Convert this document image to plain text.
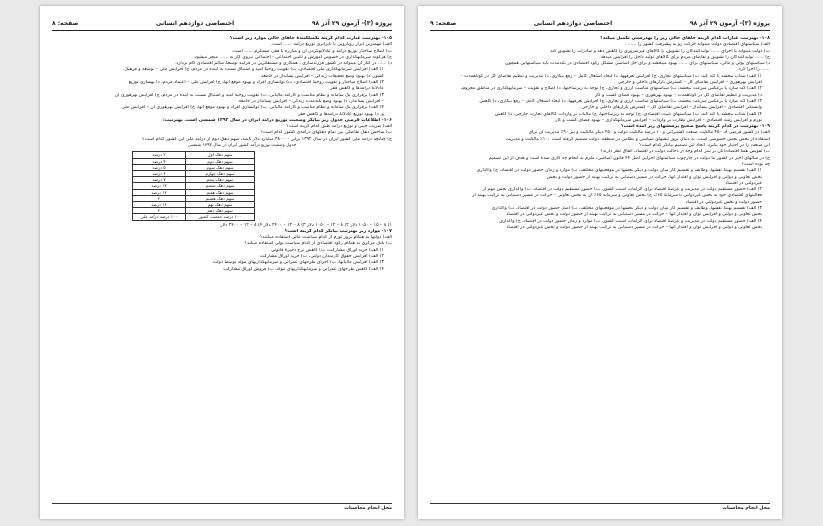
پروژه (۳)- آزمون ۲۹ آذر ۹۸
اختصاصی دوازدهم انسانی
صفحه: ۸
۱۰۵- بهترتیب عبارت کدام گزینه تکمیلکنندهٔ جاهای خالی موارد زیر است؟
الف) مهمترین ابزار رویارویی با نابرابری توزیع درآمد ...... است.
ب) اصلاح ساختار توزیع درآمد و عادلانهکردن آن و مبارزه با فقر، مستلزم ...... است.
ج) هرگونه سرمایهگذاری در خصوص آموزش و تأمین اجتماعی - اجتماعی نیروی کار به ...... منجر میشود.
د) ...... در کنار آن میتواند در کشور فرزندسازی ، همکاری و مستقلترین در فرایند توسعهٔ سالم اقتصادی گام بردارد.
۱) الف) افزایش سرمایهگذاری ملی اقتصادی، ب) تقویت روحیهٔ امید و اشتیاق نسبت به آینده در مردم، ج) افزایش ملی – توسعه و فرهنگ
کشور، د) بهبود وضع تحقیقات زندگی – افزایش پسانداز در جامعه
۲) الف) اصلاح ساختار و تقویت روحیهٔ اقتصادی، ب) توانسازی افراد و بهبود موقع آنها، ج) افزایش ملی – اعتماد مردم، د) بهسازی توزیع
عادلانهٔ درآمدها و کاهش فقر
۳) الف) برقراری یک سامانه و نظام مناسب و کارآمد مالیاتی، ب) تقویت روحیهٔ امید و اشتیاق نسبت به آینده در مردم، ج) افزایش بهرهوری آن
– افزایش پسانداز، د) بهبود وضع بلندمدت زندگی – افزایش پسانداز در جامعه
۴) الف) برقراری یک سامانه و نظام مناسب و کارآمد مالیاتی، ب) توانسازی افراد و بهبود موقع آنها، ج) افزایش بهرهوری آن – افزایش ملی
و، د) بهبود توزیع عادلانهٔ درآمدها و کاهش فقر
۱۰۶- اطلاعات فرضی جدول زیر بیانگر وضعیت توزیع درآمد ایران در سال ۱۳۹۲ شمسی است. بهترتیب:
الف) ضریب جینی و توزیع درآمد طبق کدام گزینه است؟
ب) شاخص دهک تفاضلی بین تمام دهکهای درآمدی کشور کدام است؟
ج) چنانچه درآمد ملی کشور ایران در سال ۱۳۹۲ برابر ۳۸۰۰۰۰ میلیارد دلار باشد، سهم دهک دوم از درآمد ملی این کشور کدام است؟
جدول وضعیت توزیع درآمد کشور ایران در سال ۱۳۹۲ شمسی
سهم دهک اول	۲ درصد
سهم دهک دوم	۴ درصد
سهم دهک سوم	۵ درصد
سهم دهک چهارم	۶ درصد
سهم دهک پنجم	۷ درصد
سهم دهک ششم	۱۳ درصد
سهم دهک هفتم	۱۳ درصد
سهم دهک هشتم	۲
سهم دهک نهم	۱۶ درصد
سهم دهک دهم	۲
۱۰۰ درصد جمعیت کشور	۱۰۰ درصد درآمد ملی
۱) ۸ – ۱۵ – ۱۰۵۰ دلار ۲) ۸ – ۱۲ – ۱۰۵۰ دلار ۳) ۸ – ۱۲ – ۲۴۰۰ دلار ۴) ۸ – ۱۲ – ۲۴۰۰ دلار
۱۰۷- موارد زیر بهترتیب بیانگر کدام گزینه است؟
الف) دولتها به هنگام بروز تورم از کدام سیاست مالی استفاده میکنند؟
ب) بانک مرکزی به هنگام رکود اقتصادی از کدام سیاست پولی استفاده میکند؟
۱) الف) خرید اوراق مشارکت، ب) کاهش نرخ ذخیرهٔ قانونی
۲) الف) افزایش حقوق کارمندان دولتی، ب) خرید اوراق مشارکت
۳) الف) افزایش مالیاتها، ب) اجرای طرحهای عمرانی و سرمایهگذاریهای مولد توسط دولت
۴) الف) کاهش طرحهای عمرانی و سرمایهگذاریهای مولد، ب) فروش اوراق مشارکت
محل انجام محاسبات
پروژه (۳)- آزمون ۲۹ آذر ۹۸
اختصاصی دوازدهم انسانی
صفحه: ۹
۱۰۸- بهترتیب عبارات کدام گزینه جاهای خالی زیر را بهدرستی تکمیل میکند؟
الف) سیاستهای اقتصادی دولت میتواند حرکت رو به پیشرفت کشور را ...... .
ب) دولت میتواند با اجرای ...... تولیدکنندگان را تشویق، یا کالاهای غیرضروری را کاهش دهد و صادرات را تشویق کند.
ج) ...... تولیدکنندگان را تشویق و تقاضای مردم برای کالاهای تولید داخل را افزایش میدهد.
د) سیاستهای پولی و مالی، سیاستهای برای ...... بهبود میبخشد و برای حل اساسی مشکل رکود اقتصادی در بلندمدت باید سیاستهایی همچون
...... را اجرا کرد.
۱) الف) شتاب ببخشد یا کُند کند، ب) سیاستهای تجاری، ج) افزایش تعرفهها، د) ایجاد اشتغال کامل – رفع بیکاری، د) مدیریت و تنظیم تقاضای کل در کوتاهمدت –
افزایش بهرهوری – افزایش تقاضای کل – گسترش بازارهای داخلی و خارجی
۲) الف) کُند سازد یا برعکس سرعت ببخشد، ب) سیاستهای مناسب ارزی و تجاری، ج) توجه به زیرساختها، د) اصلاح و تقویت – سرمایهگذاری در مناطق محروم،
د) مدیریت و تنظیم تقاضای کل در کوتاهمدت – بهبود بهرهوری – بهبود فضای کسب و کار
۳) الف) کُند سازد یا برعکس سرعت ببخشد، ب) سیاستهای مناسب ارزی و تجاری، ج) افزایش تعرفهها، د) ایجاد اشتغال کامل – رفع بیکاری، د) کاهش
وابستگی اقتصادی – افزایش پسانداز – افزایش تقاضای کل – گسترش بازارهای داخلی و خارجی
۴) الف) شتاب ببخشد یا کُند کند، ب) سیاستهای تثبیت اقتصادی، ج) توجه به زیرساختها، ج) مالیات بر واردات کالاهای تجارت خارجی، د) کاهش
تورم و افزایش رشد اقتصادی – افزایش نظارت بر واردات – افزایش سرمایهگذاری – بهبود فضای کسب و کار
۱۰۹- بهترتیب در کدام گزینه پاسخ صحیح پرسشهای زیر آمده است؟
الف) در کشور فرضی ۸، ۴۵۰ مالکیت صنعت کشتیرانی و ۱۰ درصد مالکیت دولت و ۴۵۰ دیگر مالکیت و نیز ۹۰٪ مدیریت آن برای
استفاده از بخش بخش خصوصی است، به دنبال بروز تنشهای سیاسی و نظامی در منطقه، دولت تصمیم گرفته است ۱۰۰٪ مالکیت و مدیریت
این صنعت را در اختیار خود بگیرد. اتخاذ این تصمیم بیانگر کدام است؟
ب) تفویض همهٔ اقتصاددانان بر سر کدام وجه از دخالت دولت در اقتصاد، اتفاق نظر دارند؟
ج) در سالهای اخیر در کشور ما دولت در چارچوب سیاستهای اجرایی اصل ۴۴ قانون اساسی، ملزم به انجام چه کاری شده است و هدف از این تصمیم
چه بوده است؟
۱) الف) تقسیم بهینهٔ نقشها، وظایف و تقسیم کار میان دولت و دیگر بخشها در موقعیتهای مختلف، ب) موارد و زمان حضور دولت در اقتصاد، ج) واگذاری
بخش تعاونی و دولتی و افزایش توان و اقتدار آنها، حرکت در مسیر دستیابی به ترکیب بهینه از حضور دولت و بخش
غیردولتی در اقتصاد
۲) الف) حضور مستقیم دولت در مدیریت و عرضهٔ اقتصاد برای الزامات امنیت کشور، ب) حضور مستقیم دولت در اقتصاد، ب) واگذاری بخش مهم از
فعالیتهای اقتصادی خود به بخش غیردولتی با سرمایهٔ ۶۵٪، ج) بخش تعاونی و سرمایه ۶۵٪ آن به بخش تعاونی – حرکت در مسیر دستیابی به ترکیب بهینه از
حضور دولت و بخش غیردولتی در اقتصاد
۳) الف) تقسیم بهینهٔ نقشها، وظایف و تقسیم کار میان دولت و دیگر بخشها در موقعیتهای مختلف، ب) اصل حضور دولت در اقتصاد، ب) واگذاری
بخش تعاونی و دولتی و افزایش توان و اقتدار آنها – حرکت در مسیر دستیابی به ترکیب بهینه از حضور دولت و بخش غیردولتی در اقتصاد
۴) الف) حضور مستقیم دولت در مدیریت و عرضهٔ اقتصاد برای الزامات امنیت کشور، ب) موارد و زمان حضور دولت در اقتصاد، ج) واگذاری
بخش تعاونی و دولتی و افزایش توان و اقتدار آنها – حرکت در مسیر دستیابی به ترکیب بهینه از حضور دولت و بخش غیردولتی در اقتصاد
محل انجام محاسبات
